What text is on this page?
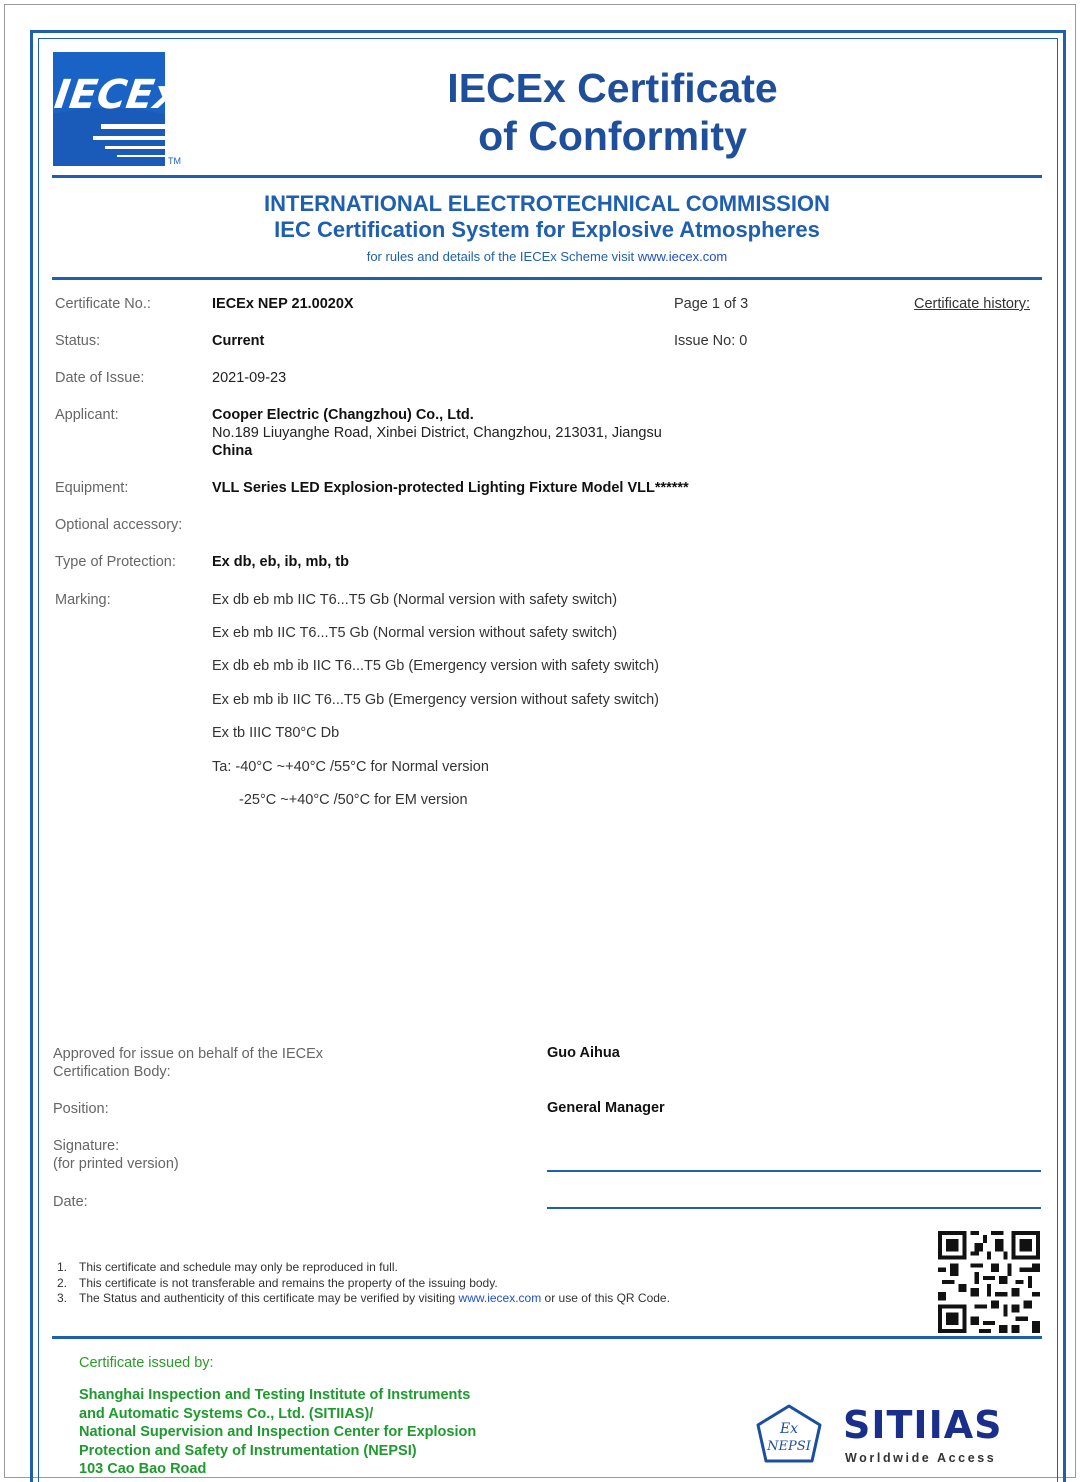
IECEx
TM
IECEx Certificate
of Conformity
INTERNATIONAL ELECTROTECHNICAL COMMISSION
IEC Certification System for Explosive Atmospheres
for rules and details of the IECEx Scheme visit www.iecex.com
Certificate No.:	IECEx NEP 21.0020X	Page 1 of 3	Certificate history:
Status:	Current	Issue No: 0
Date of Issue:	2021-09-23
Applicant:	Cooper Electric (Changzhou) Co., Ltd.
No.189 Liuyanghe Road, Xinbei District, Changzhou, 213031, Jiangsu
China
Equipment:	VLL Series LED Explosion-protected Lighting Fixture Model VLL******
Optional accessory:
Type of Protection: Ex db, eb, ib, mb, tb
Marking:	Ex db eb mb IIC T6...T5 Gb (Normal version with safety switch)
Ex eb mb IIC T6...T5 Gb (Normal version without safety switch)
Ex db eb mb ib IIC T6...T5 Gb (Emergency version with safety switch)
Ex eb mb ib IIC T6...T5 Gb (Emergency version without safety switch)
Ex tb IIIC T80°C Db
Ta: -40°C ~+40°C /55°C for Normal version
-25°C ~+40°C /50°C for EM version
Approved for issue on behalf of the IECEx
Certification Body:
Guo Aihua
Position:	General Manager
Signature:
(for printed version)
Date:
1. This certificate and schedule may only be reproduced in full.
2. This certificate is not transferable and remains the property of the issuing body.
3. The Status and authenticity of this certificate may be verified by visiting www.iecex.com or use of this QR Code.
Certificate issued by:
Shanghai Inspection and Testing Institute of Instruments
and Automatic Systems Co., Ltd. (SITIIAS)/
National Supervision and Inspection Center for Explosion
Protection and Safety of Instrumentation (NEPSI)
103 Cao Bao Road
Ex
NEPSI SITIIAS
Worldwide Access
